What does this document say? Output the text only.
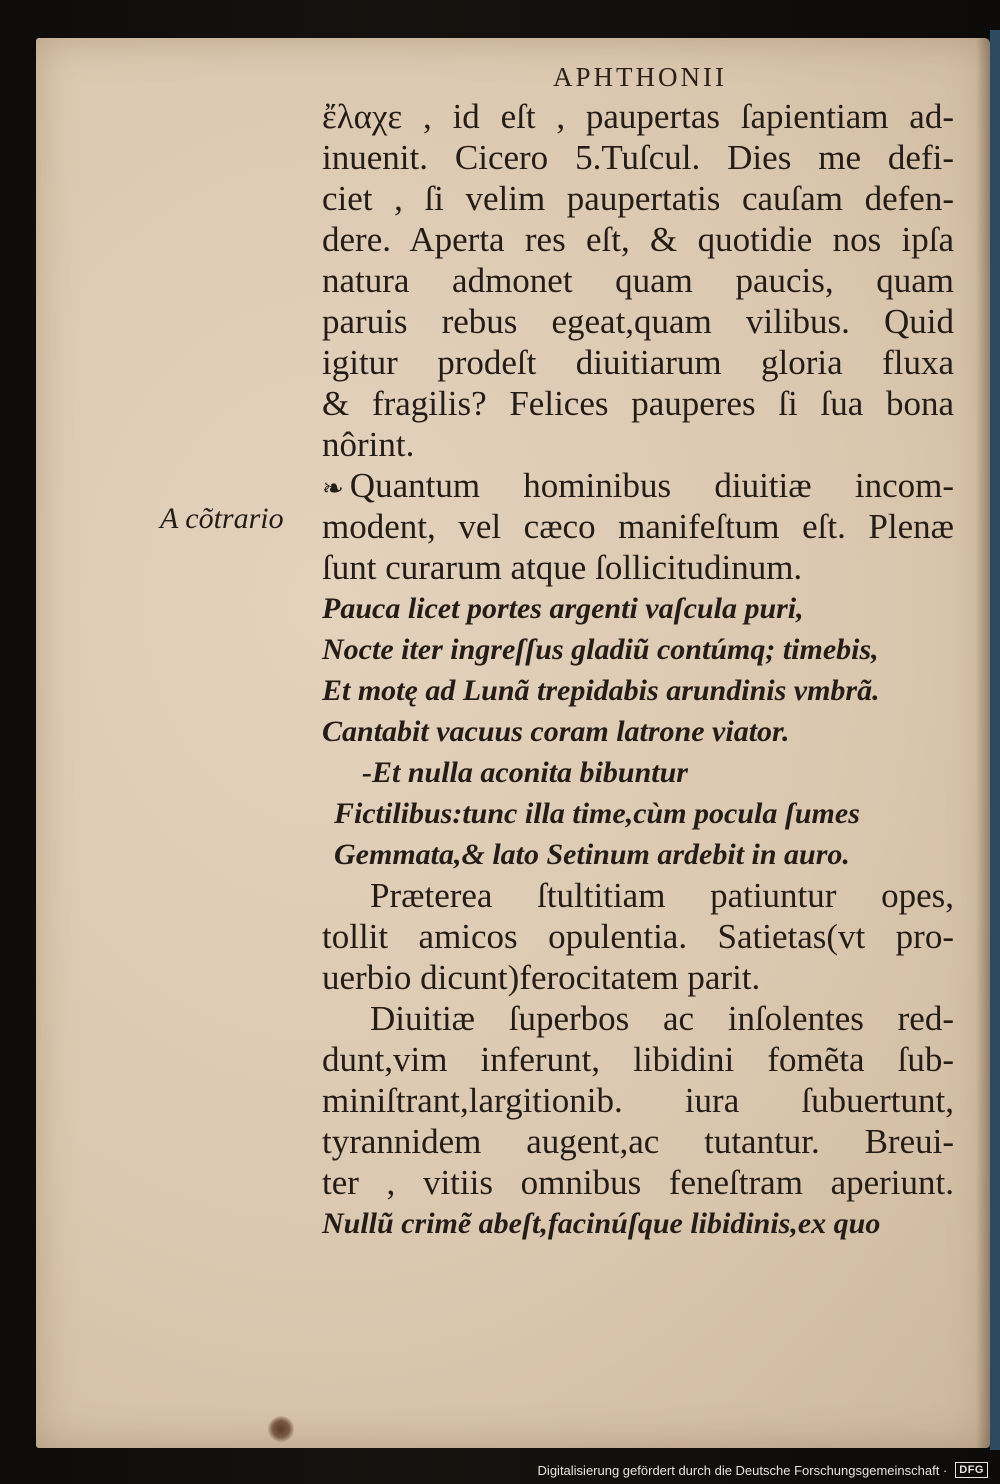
APHTHONII
A cõtrario
ἔλαχε , id eſt , paupertas ſapientiam ad-
inuenit. Cicero 5.Tuſcul. Dies me defi-
ciet , ſi velim paupertatis cauſam defen-
dere. Aperta res eſt, & quotidie nos ipſa
natura admonet quam paucis, quam
paruis rebus egeat,quam vilibus. Quid
igitur prodeſt diuitiarum gloria fluxa
& fragilis? Felices pauperes ſi ſua bona
nôrint.
❧ Quantum hominibus diuitiæ incom-
modent, vel cæco manifeſtum eſt. Plenæ
ſunt curarum atque ſollicitudinum.
Pauca licet portes argenti vaſcula puri,
Nocte iter ingreſſus gladiũ contúmq; timebis,
Et motę ad Lunã trepidabis arundinis vmbrã.
Cantabit vacuus coram latrone viator.
-Et nulla aconita bibuntur
Fictilibus:tunc illa time,cùm pocula ſumes
Gemmata,& lato Setinum ardebit in auro.
Præterea ſtultitiam patiuntur opes,
tollit amicos opulentia. Satietas(vt pro-
uerbio dicunt)ferocitatem parit.
Diuitiæ ſuperbos ac inſolentes red-
dunt,vim inferunt, libidini fomẽta ſub-
miniſtrant,largitionib. iura ſubuertunt,
tyrannidem augent,ac tutantur. Breui-
ter , vitiis omnibus feneſtram aperiunt.
Nullũ crimẽ abeſt,facinúſque libidinis,ex quo
Digitalisierung gefördert durch die Deutsche Forschungsgemeinschaft ·	DFG
